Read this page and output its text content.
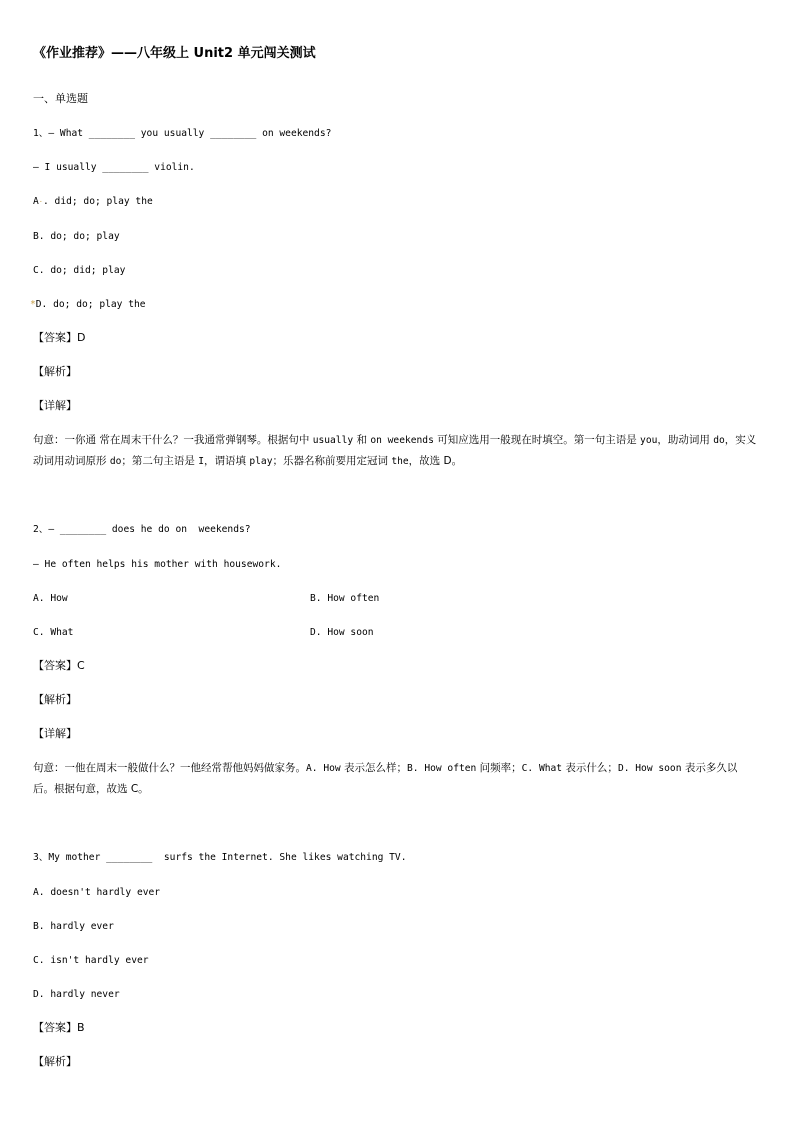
《作业推荐》——八年级上 Unit2 单元闯关测试
一、单选题
1、— What ________ you usually ________ on weekends?
— I usually ________ violin.
A·. did; do; play the
B. do; do; play
C. do; did; play
*D. do; do; play the
【答案】D
【解析】
【详解】
句意：一你通 常在周末干什么？一我通常弹钢琴。根据句中 usually 和 on weekends 可知应选用一般现在时填空。第一句主语是 you，助动词用 do，实义动词用动词原形 do；第二句主语是 I，谓语填 play；乐器名称前要用定冠词 the，故选 D。
2、— ________ does he do on  weekends?
— He often helps his mother with housework.
A. How	B. How often
C. What	D. How soon
【答案】C
【解析】
【详解】
句意：一他在周末一般做什么？一他经常帮他妈妈做家务。A. How 表示怎么样；B. How often 问频率；C. What 表示什么；D. How soon 表示多久以后。根据句意，故选 C。
3、My mother ________  surfs the Internet. She likes watching TV.
A. doesn't hardly ever
B. hardly ever
C. isn't hardly ever
D. hardly never
【答案】B
【解析】
